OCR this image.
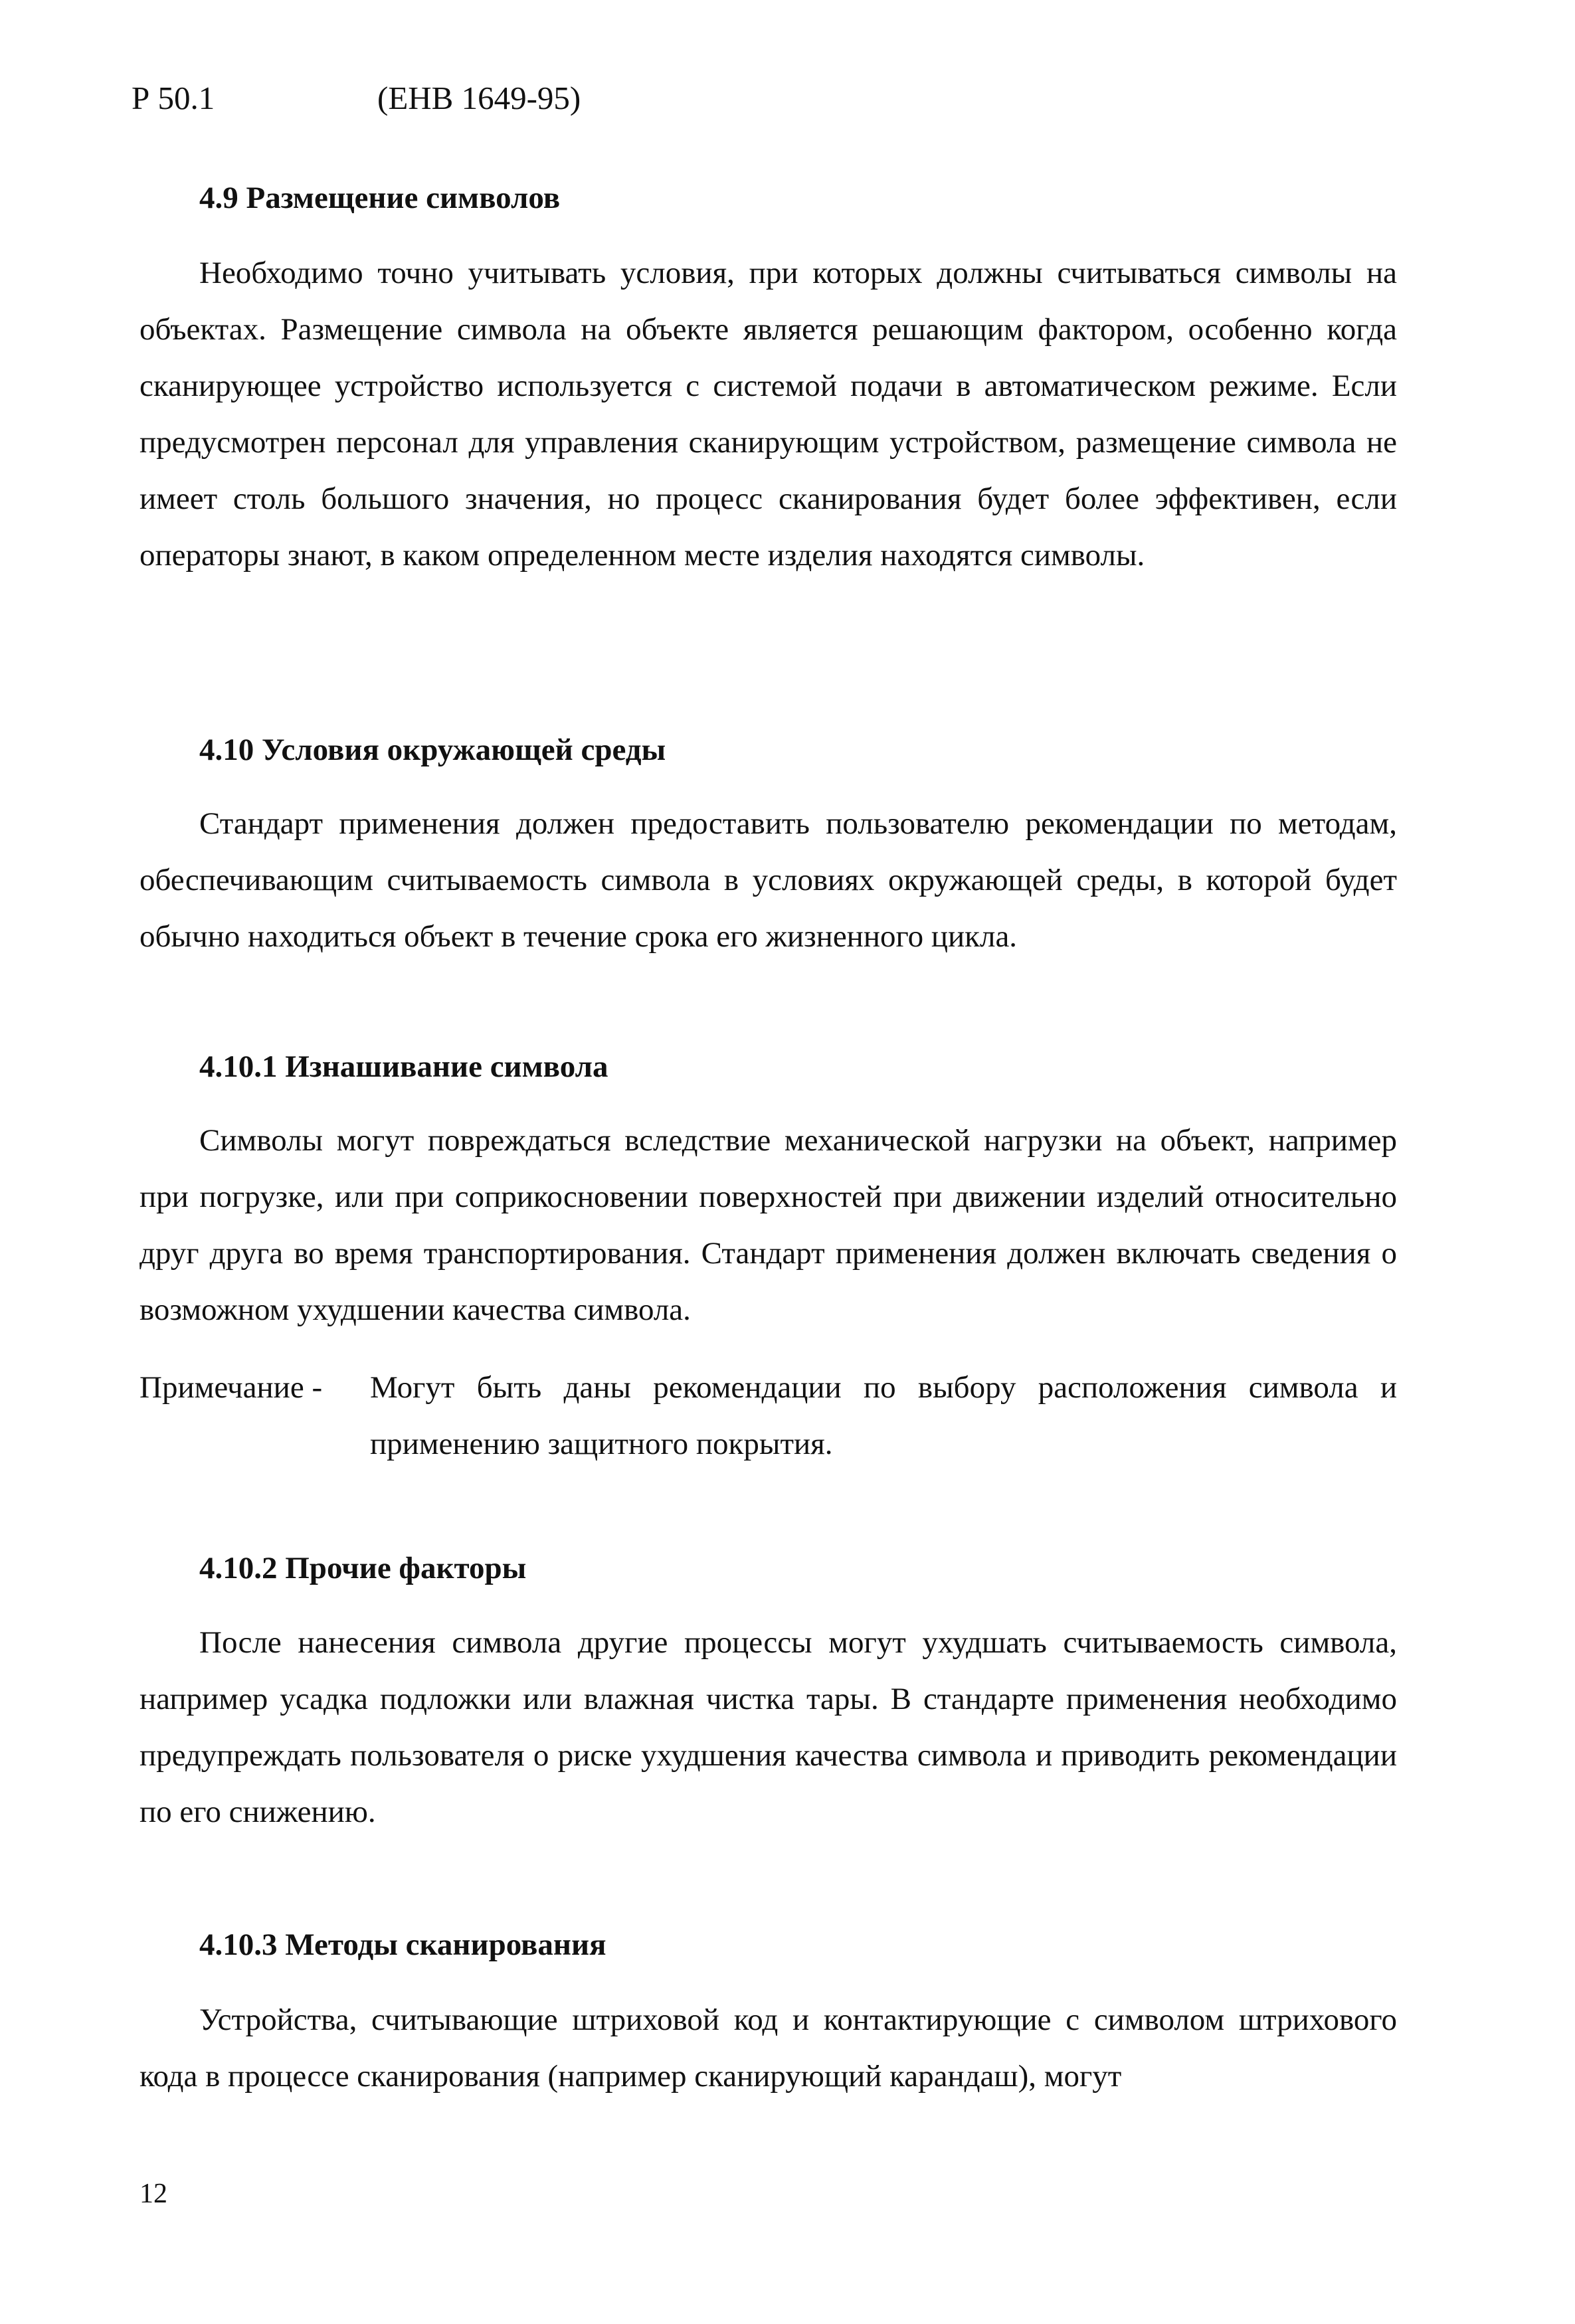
Р 50.1	(ЕНВ 1649-95)
4.9 Размещение символов

Необходимо точно учитывать условия, при которых должны считываться символы на объектах. Размещение символа на объекте является решающим фактором, особенно когда сканирующее устройство используется с системой подачи в автоматическом режиме. Если предусмотрен персонал для управления сканирующим устройством, размещение символа не имеет столь большого значения, но процесс сканирования будет более эффективен, если операторы знают, в каком определенном месте изделия находятся символы.

4.10 Условия окружающей среды

Стандарт применения должен предоставить пользователю рекомендации по методам, обеспечивающим считываемость символа в условиях окружающей среды, в которой будет обычно находиться объект в течение срока его жизненного цикла.

4.10.1 Изнашивание символа

Символы могут повреждаться вследствие механической нагрузки на объект, например при погрузке, или при соприкосновении поверхностей при движении изделий относительно друг друга во время транспортирования. Стандарт применения должен включать сведения о возможном ухудшении качества символа.

Примечание - Могут быть даны рекомендации по выбору расположения символа и применению защитного покрытия.

4.10.2 Прочие факторы

После нанесения символа другие процессы могут ухудшать считываемость символа, например усадка подложки или влажная чистка тары. В стандарте применения необходимо предупреждать пользователя о риске ухудшения качества символа и приводить рекомендации по его снижению.

4.10.3 Методы сканирования

Устройства, считывающие штриховой код и контактирующие с символом штрихового кода в процессе сканирования (например сканирующий карандаш), могут

12
